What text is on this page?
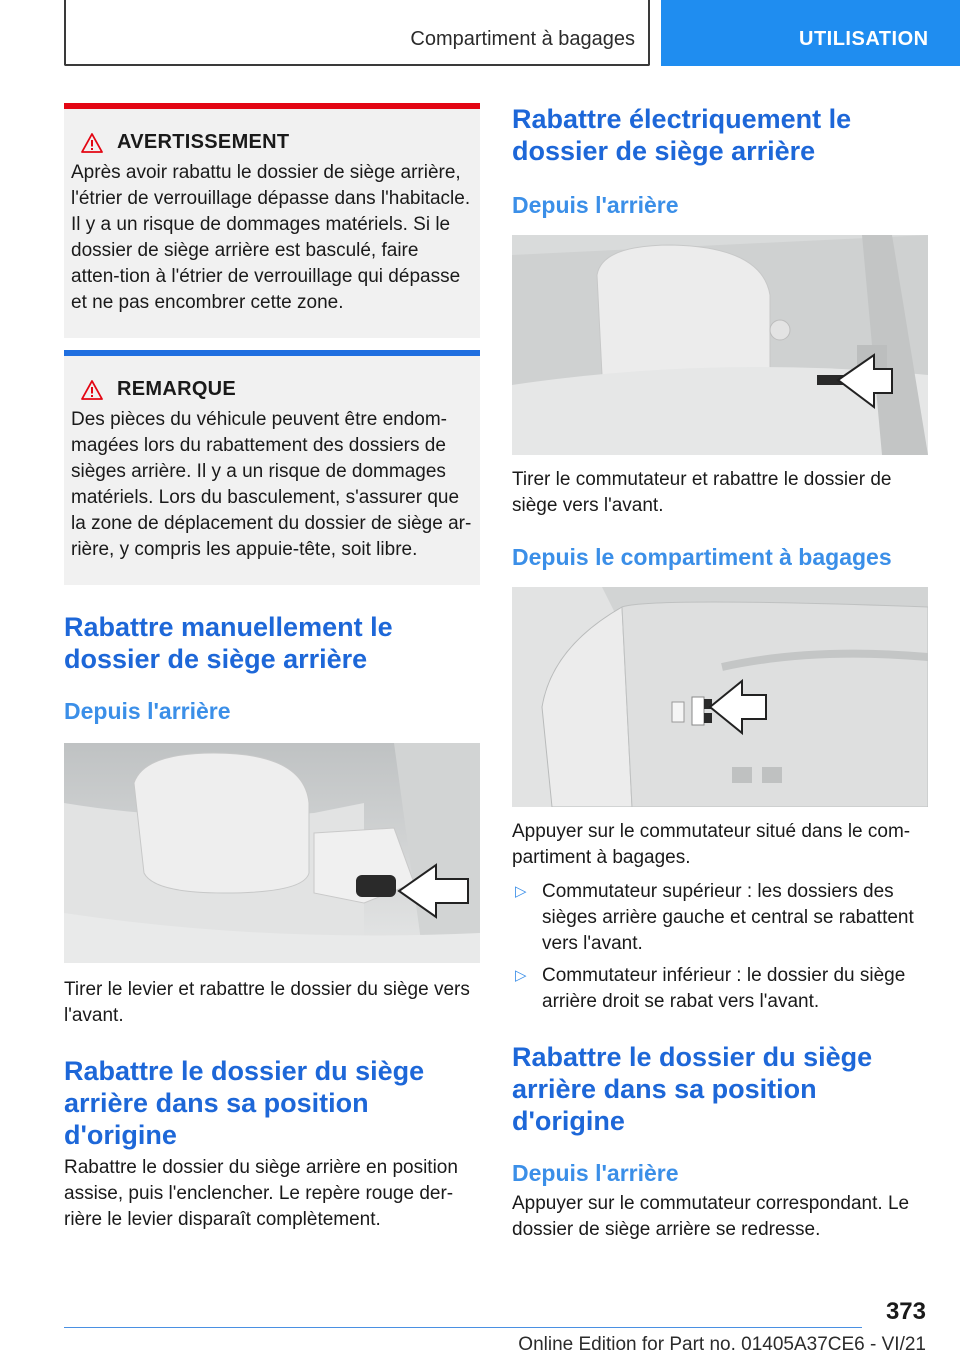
Compartiment à bagages	UTILISATION
AVERTISSEMENT
Après avoir rabattu le dossier de siège arrière, l'étrier de verrouillage dépasse dans l'habitacle. Il y a un risque de dommages matériels. Si le dossier de siège arrière est basculé, faire atten-tion à l'étrier de verrouillage qui dépasse et ne pas encombrer cette zone.
REMARQUE
Des pièces du véhicule peuvent être endom-magées lors du rabattement des dossiers de sièges arrière. Il y a un risque de dommages matériels. Lors du basculement, s'assurer que la zone de déplacement du dossier de siège ar-rière, y compris les appuie-tête, soit libre.
Rabattre manuellement le dossier de siège arrière
Depuis l'arrière
Tirer le levier et rabattre le dossier du siège vers l'avant.
Rabattre le dossier du siège arrière dans sa position d'origine
Rabattre le dossier du siège arrière en position assise, puis l'enclencher. Le repère rouge der-rière le levier disparaît complètement.
Rabattre électriquement le dossier de siège arrière
Depuis l'arrière
Tirer le commutateur et rabattre le dossier de siège vers l'avant.
Depuis le compartiment à bagages
Appuyer sur le commutateur situé dans le com-partiment à bagages.
▷ Commutateur supérieur : les dossiers des sièges arrière gauche et central se rabattent vers l'avant.
▷ Commutateur inférieur : le dossier du siège arrière droit se rabat vers l'avant.
Rabattre le dossier du siège arrière dans sa position d'origine
Depuis l'arrière
Appuyer sur le commutateur correspondant. Le dossier de siège arrière se redresse.
373
Online Edition for Part no. 01405A37CE6 - VI/21
